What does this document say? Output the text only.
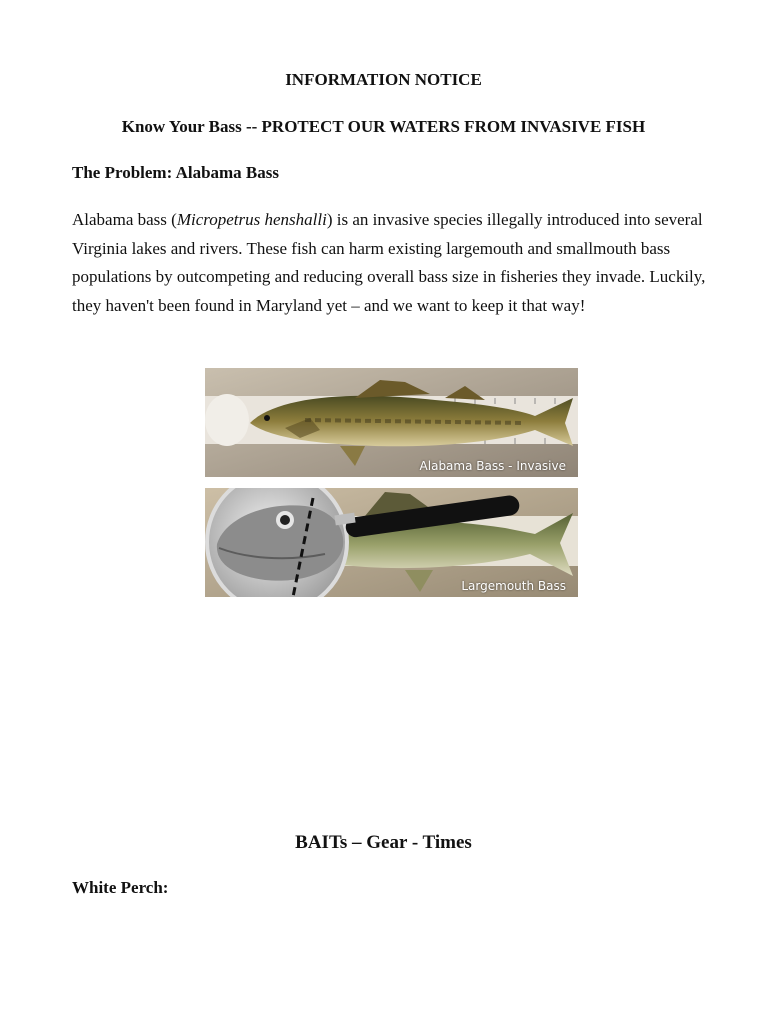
INFORMATION NOTICE
Know Your Bass -- PROTECT OUR WATERS FROM INVASIVE FISH
The Problem: Alabama Bass
Alabama bass (Micropetrus henshalli) is an invasive species illegally introduced into several Virginia lakes and rivers. These fish can harm existing largemouth and smallmouth bass populations by outcompeting and reducing overall bass size in fisheries they invade. Luckily, they haven't been found in Maryland yet – and we want to keep it that way!
Alabama Bass - Invasive
Largemouth Bass
BAITs – Gear - Times
White Perch:
